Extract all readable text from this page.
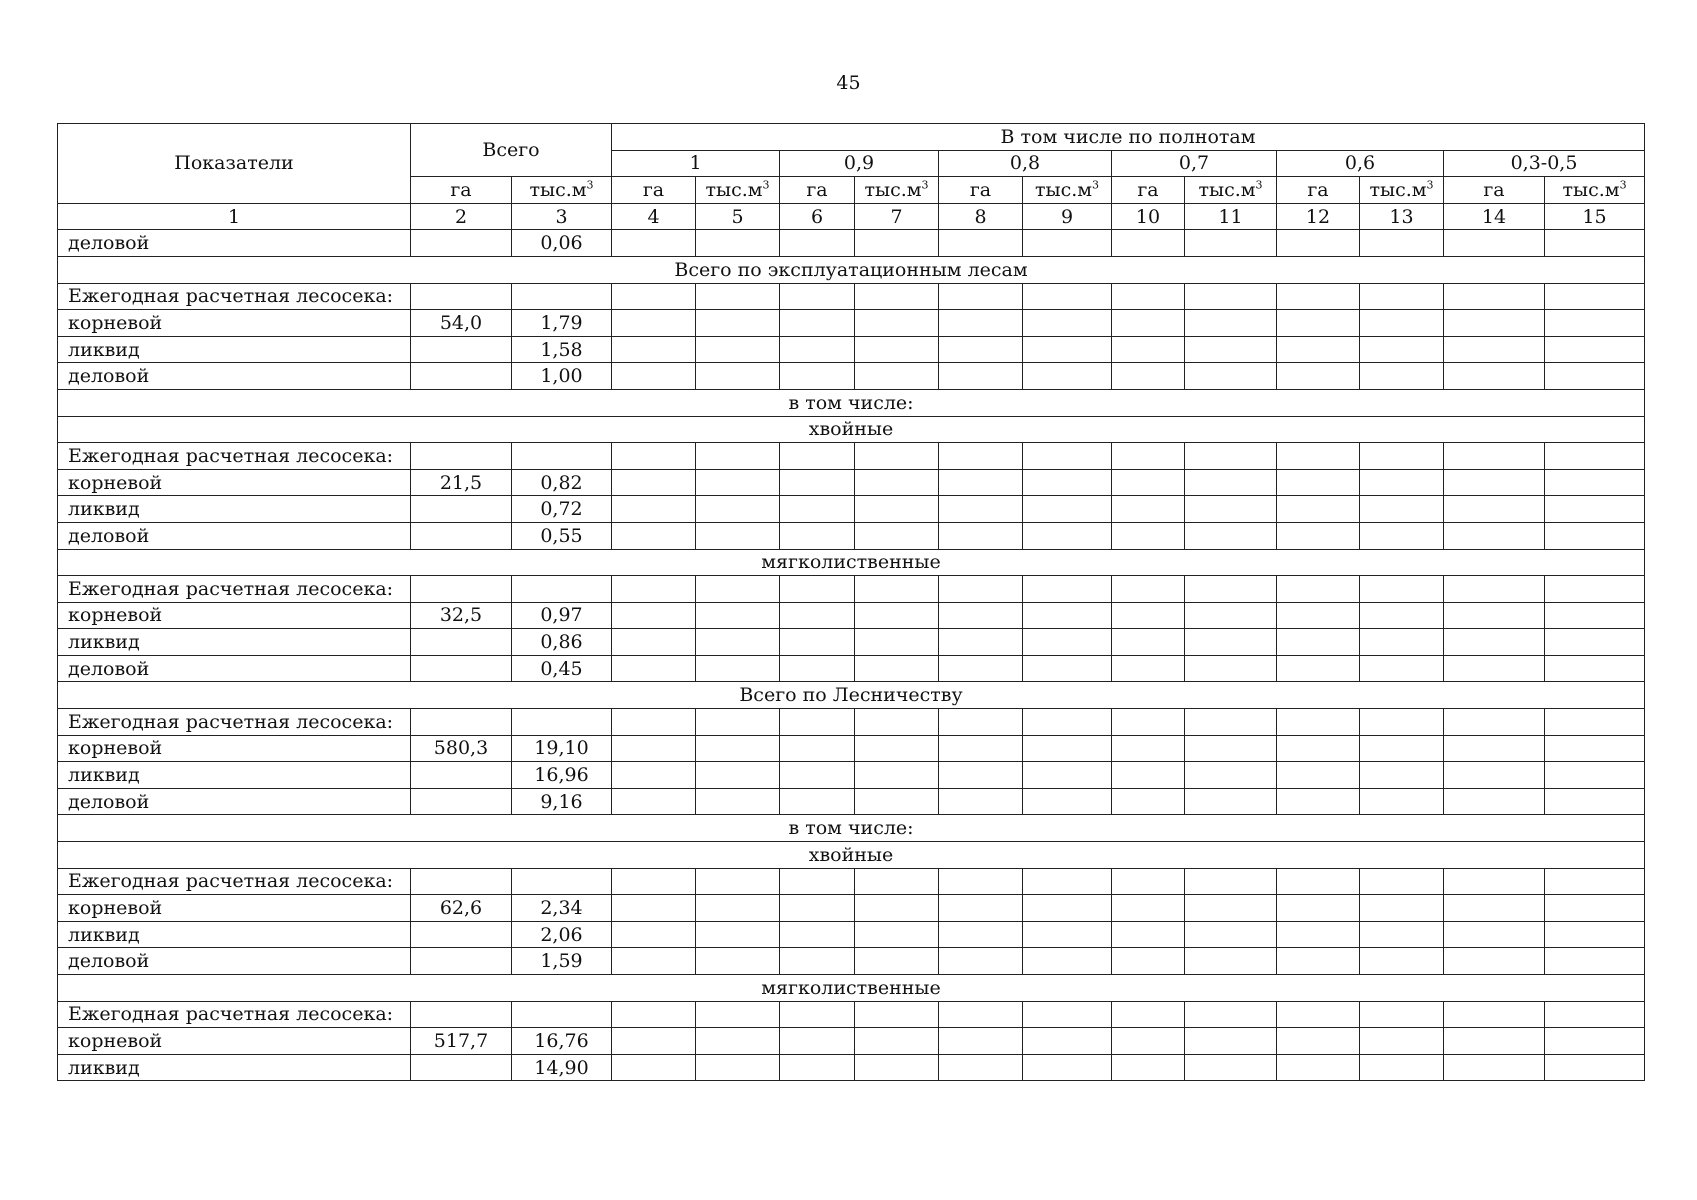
45
Показатели	Всего		В том числе по полнотам											
			1		0,9		0,8		0,7		0,6		0,3-0,5	
	га	$тыс.м^3$	га	$тыс.м^3$	га	$тыс.м^3$	га	$тыс.м^3$	га	$тыс.м^3$	га	$тыс.м^3$	га	$тыс.м^3$
1	2	3	4	5	6	7	8	9	10	11	12	13	14	15
деловой		0,06												
Всего по эксплуатационным лесам														
Ежегодная расчетная лесосека:														
корневой	54,0	1,79												
ликвид		1,58												
деловой		1,00												
в том числе:														
хвойные														
Ежегодная расчетная лесосека:														
корневой	21,5	0,82												
ликвид		0,72												
деловой		0,55												
мягколиственные														
Ежегодная расчетная лесосека:														
корневой	32,5	0,97												
ликвид		0,86												
деловой		0,45												
Всего по Лесничеству														
Ежегодная расчетная лесосека:														
корневой	580,3	19,10												
ликвид		16,96												
деловой		9,16												
в том числе:														
хвойные														
Ежегодная расчетная лесосека:														
корневой	62,6	2,34												
ликвид		2,06												
деловой		1,59												
мягколиственные														
Ежегодная расчетная лесосека:														
корневой	517,7	16,76												
ликвид		14,90												
